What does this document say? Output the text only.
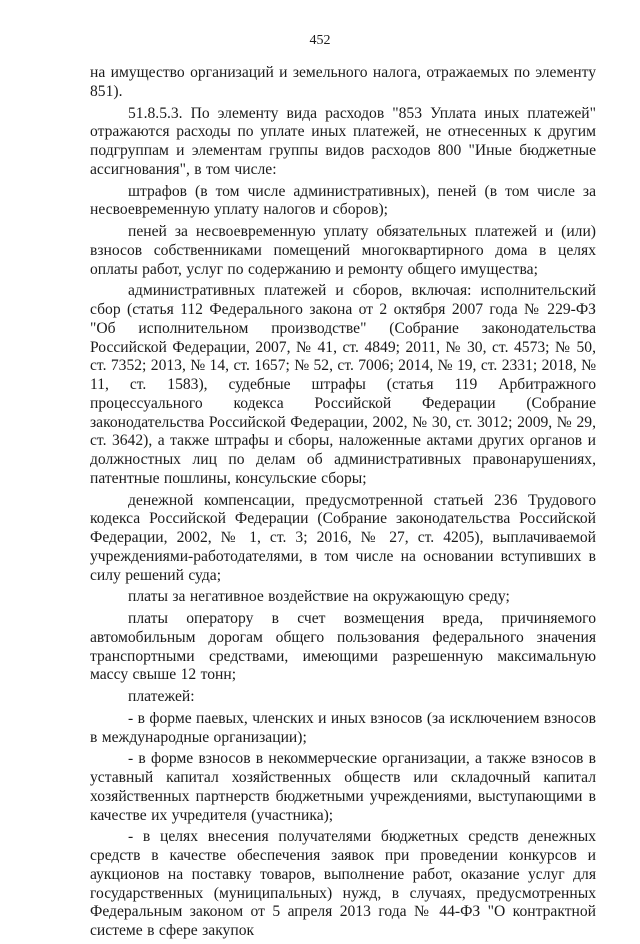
452

на имущество организаций и земельного налога, отражаемых по элементу 851).

51.8.5.3. По элементу вида расходов "853 Уплата иных платежей" отражаются расходы по уплате иных платежей, не отнесенных к другим подгруппам и элементам группы видов расходов 800 "Иные бюджетные ассигнования", в том числе:

штрафов (в том числе административных), пеней (в том числе за несвоевременную уплату налогов и сборов);

пеней за несвоевременную уплату обязательных платежей и (или) взносов собственниками помещений многоквартирного дома в целях оплаты работ, услуг по содержанию и ремонту общего имущества;

административных платежей и сборов, включая: исполнительский сбор (статья 112 Федерального закона от 2 октября 2007 года № 229-ФЗ "Об исполнительном производстве" (Собрание законодательства Российской Федерации, 2007, № 41, ст. 4849; 2011, № 30, ст. 4573; № 50, ст. 7352; 2013, № 14, ст. 1657; № 52, ст. 7006; 2014, № 19, ст. 2331; 2018, № 11, ст. 1583), судебные штрафы (статья 119 Арбитражного процессуального кодекса Российской Федерации (Собрание законодательства Российской Федерации, 2002, № 30, ст. 3012; 2009, № 29, ст. 3642), а также штрафы и сборы, наложенные актами других органов и должностных лиц по делам об административных правонарушениях, патентные пошлины, консульские сборы;

денежной компенсации, предусмотренной статьей 236 Трудового кодекса Российской Федерации (Собрание законодательства Российской Федерации, 2002, № 1, ст. 3; 2016, № 27, ст. 4205), выплачиваемой учреждениями-работодателями, в том числе на основании вступивших в силу решений суда;

платы за негативное воздействие на окружающую среду;

платы оператору в счет возмещения вреда, причиняемого автомобильным дорогам общего пользования федерального значения транспортными средствами, имеющими разрешенную максимальную массу свыше 12 тонн;

платежей:

- в форме паевых, членских и иных взносов (за исключением взносов в международные организации);

- в форме взносов в некоммерческие организации, а также взносов в уставный капитал хозяйственных обществ или складочный капитал хозяйственных партнерств бюджетными учреждениями, выступающими в качестве их учредителя (участника);

- в целях внесения получателями бюджетных средств денежных средств в качестве обеспечения заявок при проведении конкурсов и аукционов на поставку товаров, выполнение работ, оказание услуг для государственных (муниципальных) нужд, в случаях, предусмотренных Федеральным законом от 5 апреля 2013 года № 44-ФЗ "О контрактной системе в сфере закупок
